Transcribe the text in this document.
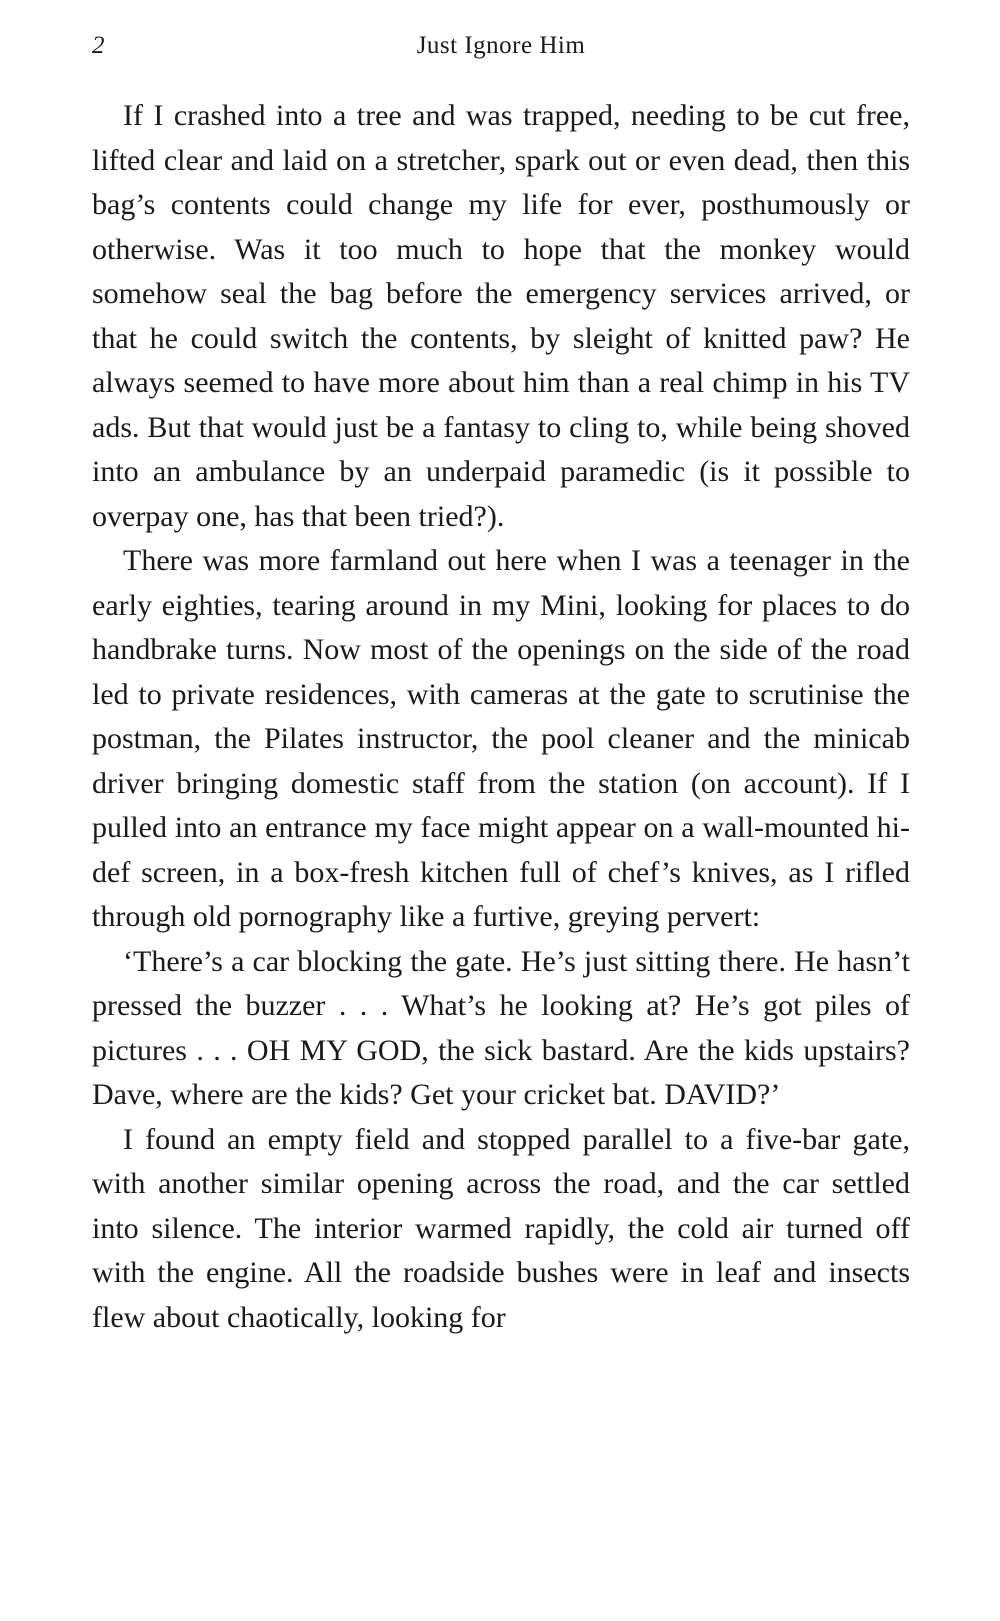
2	Just Ignore Him

If I crashed into a tree and was trapped, needing to be cut free, lifted clear and laid on a stretcher, spark out or even dead, then this bag’s contents could change my life for ever, posthumously or otherwise. Was it too much to hope that the monkey would somehow seal the bag before the emergency services arrived, or that he could switch the contents, by sleight of knitted paw? He always seemed to have more about him than a real chimp in his TV ads. But that would just be a fantasy to cling to, while being shoved into an ambulance by an underpaid paramedic (is it possible to overpay one, has that been tried?).

There was more farmland out here when I was a teenager in the early eighties, tearing around in my Mini, looking for places to do handbrake turns. Now most of the openings on the side of the road led to private residences, with cameras at the gate to scrutinise the postman, the Pilates instructor, the pool cleaner and the minicab driver bringing domestic staff from the station (on account). If I pulled into an entrance my face might appear on a wall-mounted hi-def screen, in a box-fresh kitchen full of chef’s knives, as I rifled through old pornography like a furtive, greying pervert:

‘There’s a car blocking the gate. He’s just sitting there. He hasn’t pressed the buzzer . . . What’s he looking at? He’s got piles of pictures . . . OH MY GOD, the sick bastard. Are the kids upstairs? Dave, where are the kids? Get your cricket bat. DAVID?’

I found an empty field and stopped parallel to a five-bar gate, with another similar opening across the road, and the car settled into silence. The interior warmed rapidly, the cold air turned off with the engine. All the roadside bushes were in leaf and insects flew about chaotically, looking for
